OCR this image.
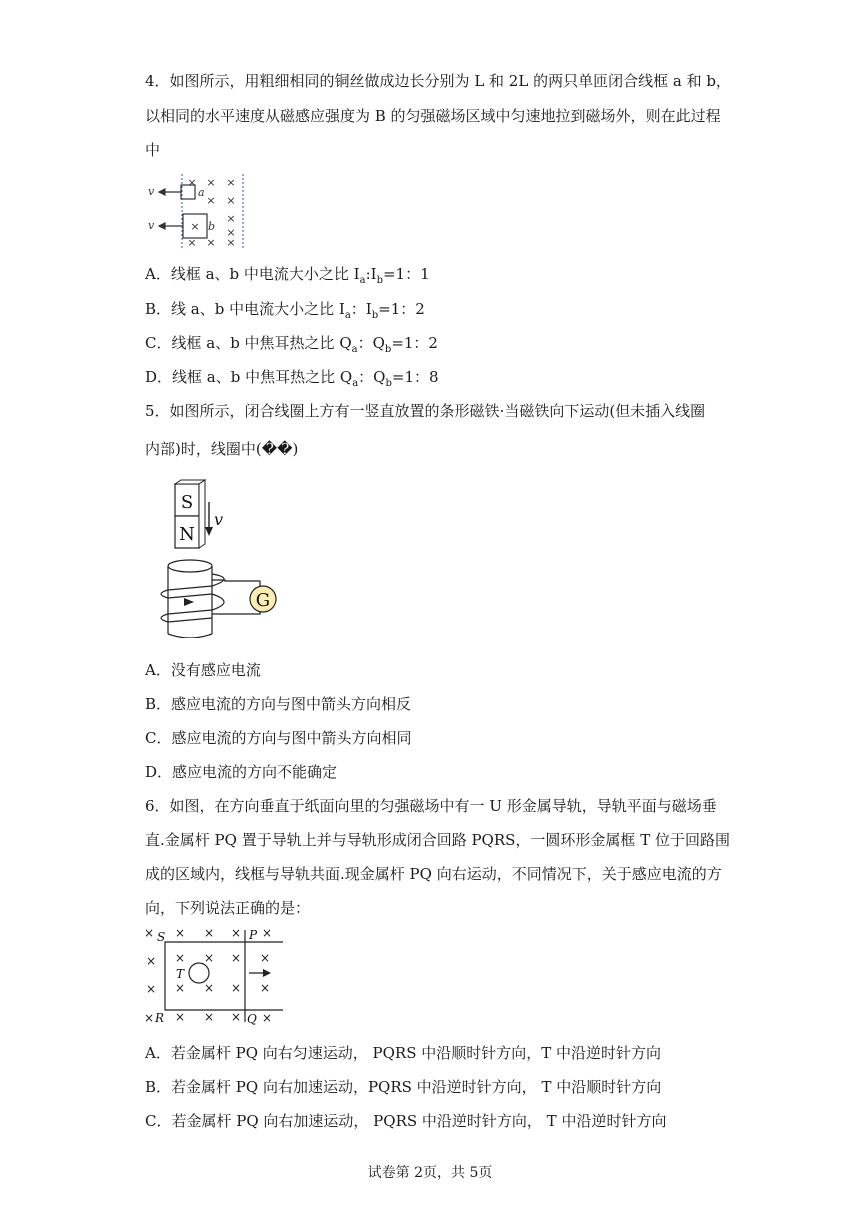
4．如图所示，用粗细相同的铜丝做成边长分别为 L 和 2L 的两只单匝闭合线框 a 和 b，
以相同的水平速度从磁感应强度为 B 的匀强磁场区域中匀速地拉到磁场外，则在此过程
中
v
v
a
b
× × ×
× ×
×
×
×
× × ×
A．线框 a、b 中电流大小之比 $I_a:I_b=1$：1
B．线 a、b 中电流大小之比 $I_a$：$I_b=1$：2
C．线框 a、b 中焦耳热之比 $Q_a$：$Q_b=1$：2
D．线框 a、b 中焦耳热之比 $Q_a$：$Q_b=1$：8
5．如图所示，闭合线圈上方有一竖直放置的条形磁铁·当磁铁向下运动(但未插入线圈
内部)时，线圈中(��)
S
N
v
G
A．没有感应电流
B．感应电流的方向与图中箭头方向相反
C．感应电流的方向与图中箭头方向相同
D．感应电流的方向不能确定
6．如图，在方向垂直于纸面向里的匀强磁场中有一 U 形金属导轨，导轨平面与磁场垂
直.金属杆 PQ 置于导轨上并与导轨形成闭合回路 PQRS，一圆环形金属框 T 位于回路围
成的区域内，线框与导轨共面.现金属杆 PQ 向右运动，不同情况下，关于感应电流的方
向，下列说法正确的是：
S	P
R	Q
T
× × × × ×
× × × × ×
× × × × ×
× × × × ×
A．若金属杆 PQ 向右匀速运动， PQRS 中沿顺时针方向，T 中沿逆时针方向
B．若金属杆 PQ 向右加速运动，PQRS 中沿逆时针方向， T 中沿顺时针方向
C．若金属杆 PQ 向右加速运动， PQRS 中沿逆时针方向， T 中沿逆时针方向
试卷第 2页，共 5页
